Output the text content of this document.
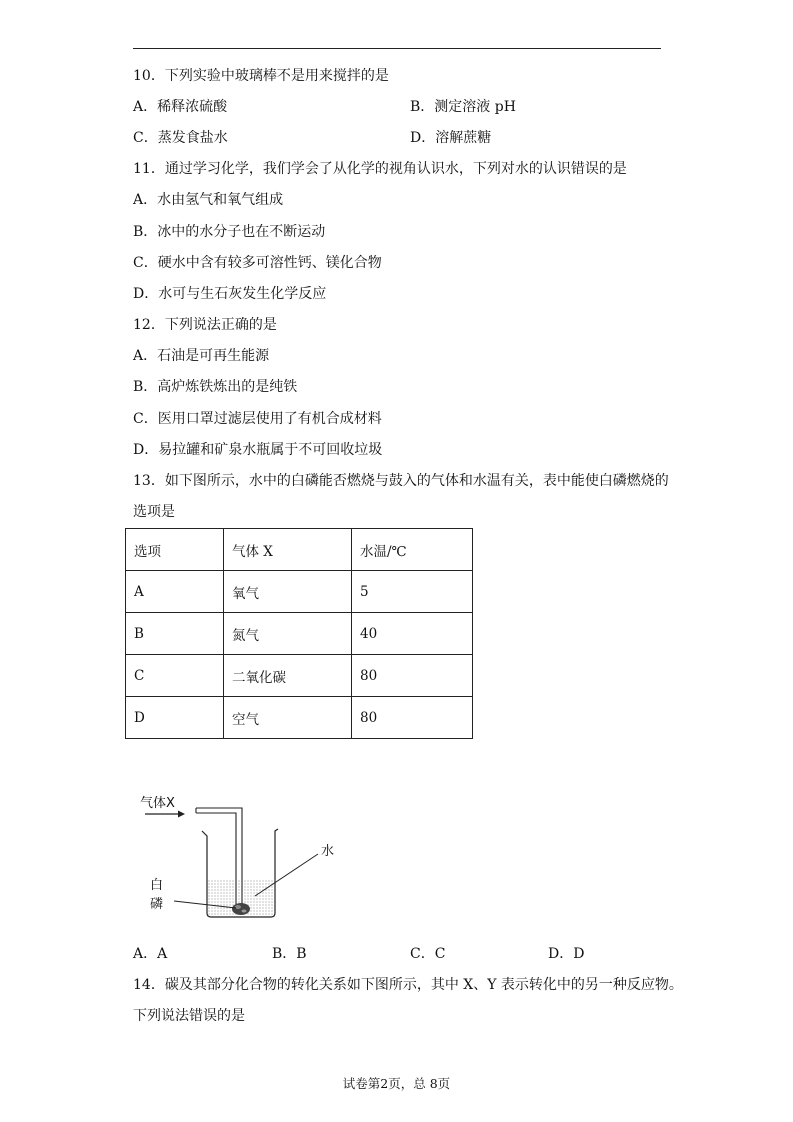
10．下列实验中玻璃棒不是用来搅拌的是
A．稀释浓硫酸	B．测定溶液 pH
C．蒸发食盐水	D．溶解蔗糖
11．通过学习化学，我们学会了从化学的视角认识水，下列对水的认识错误的是
A．水由氢气和氧气组成
B．冰中的水分子也在不断运动
C．硬水中含有较多可溶性钙、镁化合物
D．水可与生石灰发生化学反应
12．下列说法正确的是
A．石油是可再生能源
B．高炉炼铁炼出的是纯铁
C．医用口罩过滤层使用了有机合成材料
D．易拉罐和矿泉水瓶属于不可回收垃圾
13．如下图所示，水中的白磷能否燃烧与鼓入的气体和水温有关，表中能使白磷燃烧的
选项是
选项	气体 X	水温/℃
A	氧气	5
B	氮气	40
C	二氧化碳	80
D	空气	80
气体X
水
白
磷
A．A	B．B	C．C	D．D
14．碳及其部分化合物的转化关系如下图所示，其中 X、Y 表示转化中的另一种反应物。
下列说法错误的是
试卷第2页，总 8页
